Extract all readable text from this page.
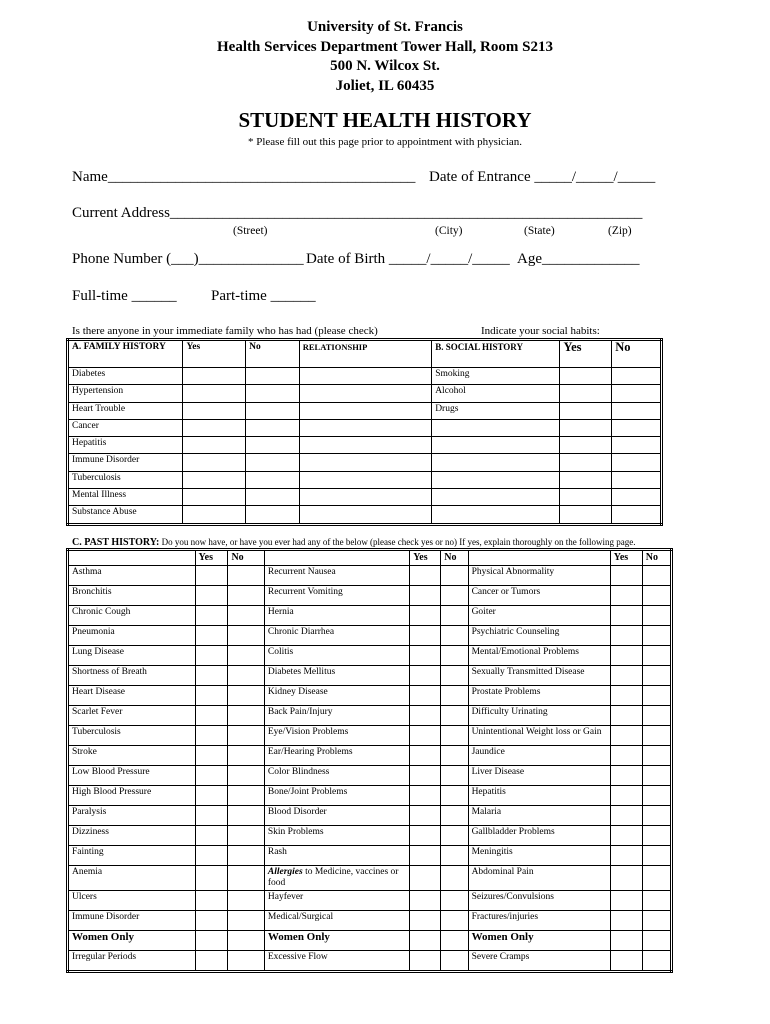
University of St. Francis
Health Services Department Tower Hall, Room S213
500 N. Wilcox St.
Joliet, IL 60435
STUDENT HEALTH HISTORY
* Please fill out this page prior to appointment with physician.
Name_________________________________________ Date of Entrance _____/_____/_____
Current Address_______________________________________________________________
(Street)	(City)	(State)	(Zip)
Phone Number (___)______________ Date of Birth _____/_____/_____ Age_____________
Full-time ______ Part-time ______
Is there anyone in your immediate family who has had (please check)	Indicate your social habits:
A. FAMILY HISTORY	Yes	No	RELATIONSHIP	B. SOCIAL HISTORY	Yes	No
Diabetes				Smoking		
Hypertension				Alcohol		
Heart Trouble				Drugs		
Cancer						
Hepatitis						
Immune Disorder						
Tuberculosis						
Mental Illness						
Substance Abuse						
C. PAST HISTORY: Do you now have, or have you ever had any of the below (please check yes or no) If yes, explain thoroughly on the following page.
	Yes	No		Yes	No		Yes	No
Asthma			Recurrent Nausea			Physical Abnormality		
Bronchitis			Recurrent Vomiting			Cancer or Tumors		
Chronic Cough			Hernia			Goiter		
Pneumonia			Chronic Diarrhea			Psychiatric Counseling		
Lung Disease			Colitis			Mental/Emotional Problems		
Shortness of Breath			Diabetes Mellitus			Sexually Transmitted Disease		
Heart Disease			Kidney Disease			Prostate Problems		
Scarlet Fever			Back Pain/Injury			Difficulty Urinating		
Tuberculosis			Eye/Vision Problems			Unintentional Weight loss or Gain		
Stroke			Ear/Hearing Problems			Jaundice		
Low Blood Pressure			Color Blindness			Liver Disease		
High Blood Pressure			Bone/Joint Problems			Hepatitis		
Paralysis			Blood Disorder			Malaria		
Dizziness			Skin Problems			Gallbladder Problems		
Fainting			Rash			Meningitis		
Anemia			Allergies to Medicine, vaccines or food			Abdominal Pain		
Ulcers			Hayfever			Seizures/Convulsions		
Immune Disorder			Medical/Surgical			Fractures/injuries		
Women Only			Women Only			Women Only		
Irregular Periods			Excessive Flow			Severe Cramps		
